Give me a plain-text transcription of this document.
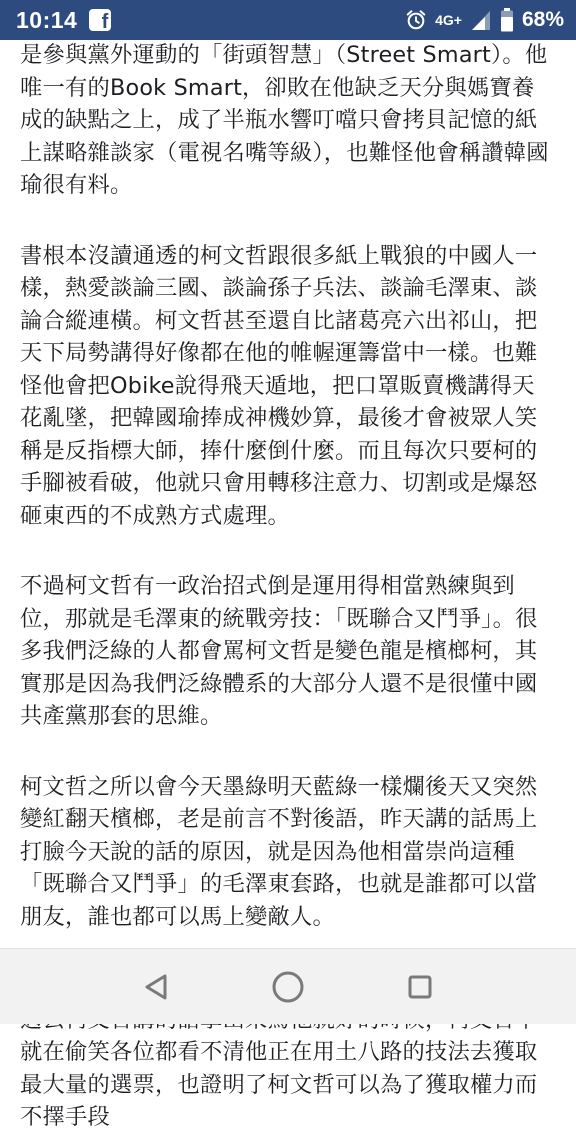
10:14
f	4G+	68%

是參與黨外運動的「街頭智慧」（Street Smart）。他唯一有的Book Smart，卻敗在他缺乏天分與媽寶養成的缺點之上，成了半瓶水響叮噹只會拷貝記憶的紙上謀略雜談家（電視名嘴等級），也難怪他會稱讚韓國瑜很有料。

書根本沒讀通透的柯文哲跟很多紙上戰狼的中國人一樣，熱愛談論三國、談論孫子兵法、談論毛澤東、談論合縱連橫。柯文哲甚至還自比諸葛亮六出祁山，把天下局勢講得好像都在他的帷幄運籌當中一樣。也難怪他會把Obike說得飛天遁地，把口罩販賣機講得天花亂墜，把韓國瑜捧成神機妙算，最後才會被眾人笑稱是反指標大師，捧什麼倒什麼。而且每次只要柯的手腳被看破，他就只會用轉移注意力、切割或是爆怒砸東西的不成熟方式處理。

不過柯文哲有一政治招式倒是運用得相當熟練與到位，那就是毛澤東的統戰旁技：「既聯合又鬥爭」。很多我們泛綠的人都會罵柯文哲是變色龍是檳榔柯，其實那是因為我們泛綠體系的大部分人還不是很懂中國共產黨那套的思維。

柯文哲之所以會今天墨綠明天藍綠一樣爛後天又突然變紅翻天檳榔，老是前言不對後語，昨天講的話馬上打臉今天說的話的原因，就是因為他相當崇尚這種「既聯合又鬥爭」的毛澤東套路，也就是誰都可以當朋友，誰也都可以馬上變敵人。

就在偷笑各位都看不清他正在用土八路的技法去獲取最大量的選票，也證明了柯文哲可以為了獲取權力而不擇手段
